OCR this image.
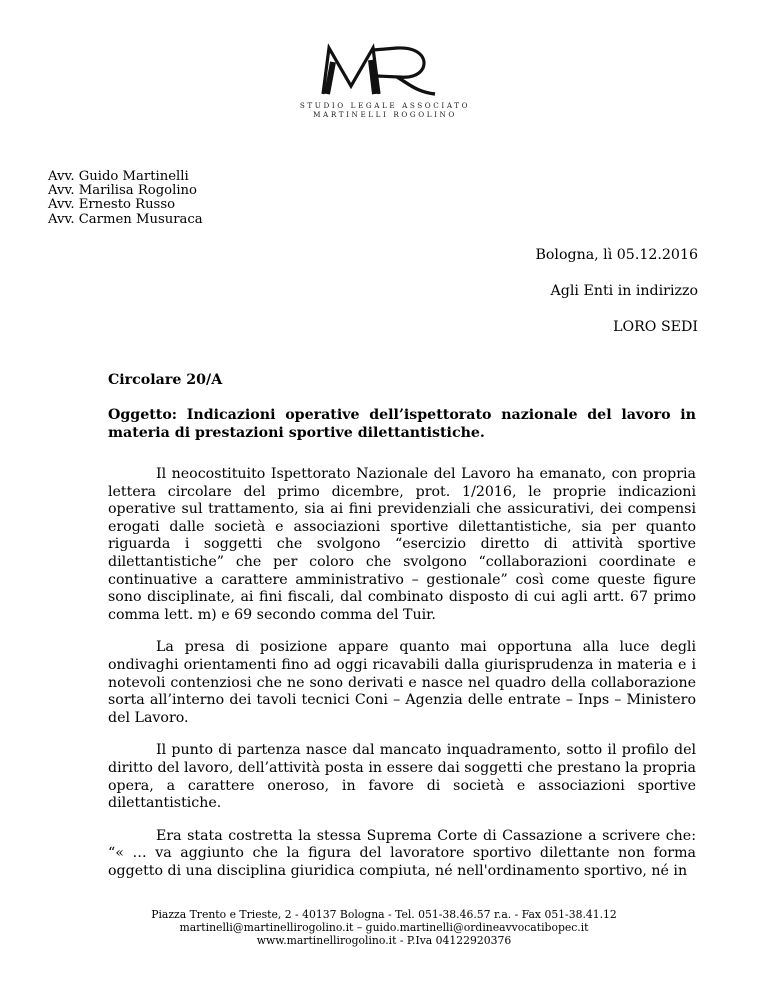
STUDIO LEGALE ASSOCIATO
MARTINELLI ROGOLINO
Avv. Guido Martinelli
Avv. Marilisa Rogolino
Avv. Ernesto Russo
Avv. Carmen Musuraca
Bologna, lì 05.12.2016
Agli Enti in indirizzo
LORO SEDI
Circolare 20/A
Oggetto: Indicazioni operative dell’ispettorato nazionale del lavoro in materia di prestazioni sportive dilettantistiche.

Il neocostituito Ispettorato Nazionale del Lavoro ha emanato, con propria lettera circolare del primo dicembre, prot. 1/2016, le proprie indicazioni operative sul trattamento, sia ai fini previdenziali che assicurativi, dei compensi erogati dalle società e associazioni sportive dilettantistiche, sia per quanto riguarda i soggetti che svolgono “esercizio diretto di attività sportive dilettantistiche” che per coloro che svolgono “collaborazioni coordinate e continuative a carattere amministrativo – gestionale” così come queste figure sono disciplinate, ai fini fiscali, dal combinato disposto di cui agli artt. 67 primo comma lett. m) e 69 secondo comma del Tuir.

La presa di posizione appare quanto mai opportuna alla luce degli ondivaghi orientamenti fino ad oggi ricavabili dalla giurisprudenza in materia e i notevoli contenziosi che ne sono derivati e nasce nel quadro della collaborazione sorta all’interno dei tavoli tecnici Coni – Agenzia delle entrate – Inps – Ministero del Lavoro.

Il punto di partenza nasce dal mancato inquadramento, sotto il profilo del diritto del lavoro, dell’attività posta in essere dai soggetti che prestano la propria opera, a carattere oneroso, in favore di società e associazioni sportive dilettantistiche.

Era stata costretta la stessa Suprema Corte di Cassazione a scrivere che: “« … va aggiunto che la figura del lavoratore sportivo dilettante non forma oggetto di una disciplina giuridica compiuta, né nell'ordinamento sportivo, né in

Piazza Trento e Trieste, 2 - 40137 Bologna - Tel. 051-38.46.57 r.a. - Fax 051-38.41.12
martinelli@martinellirogolino.it – guido.martinelli@ordineavvocatibopec.it
www.martinellirogolino.it - P.Iva 04122920376
